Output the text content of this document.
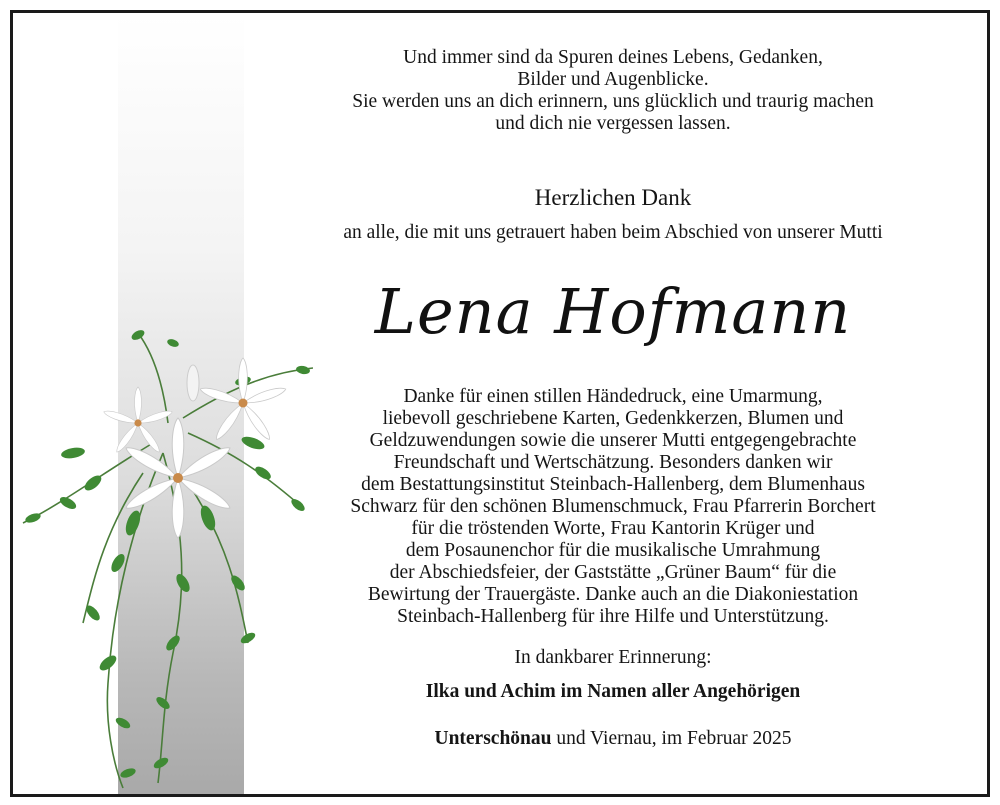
Und immer sind da Spuren deines Lebens, Gedanken,
Bilder und Augenblicke.
Sie werden uns an dich erinnern, uns glücklich und traurig machen
und dich nie vergessen lassen.
Herzlichen Dank
an alle, die mit uns getrauert haben beim Abschied von unserer Mutti
Lena Hofmann
Danke für einen stillen Händedruck, eine Umarmung,
liebevoll geschriebene Karten, Gedenkkerzen, Blumen und
Geldzuwendungen sowie die unserer Mutti entgegengebrachte
Freundschaft und Wertschätzung. Besonders danken wir
dem Bestattungsinstitut Steinbach-Hallenberg, dem Blumenhaus
Schwarz für den schönen Blumenschmuck, Frau Pfarrerin Borchert
für die tröstenden Worte, Frau Kantorin Krüger und
dem Posaunenchor für die musikalische Umrahmung
der Abschiedsfeier, der Gaststätte „Grüner Baum“ für die
Bewirtung der Trauergäste. Danke auch an die Diakoniestation
Steinbach-Hallenberg für ihre Hilfe und Unterstützung.
In dankbarer Erinnerung:
Ilka und Achim im Namen aller Angehörigen
Unterschönau und Viernau, im Februar 2025
